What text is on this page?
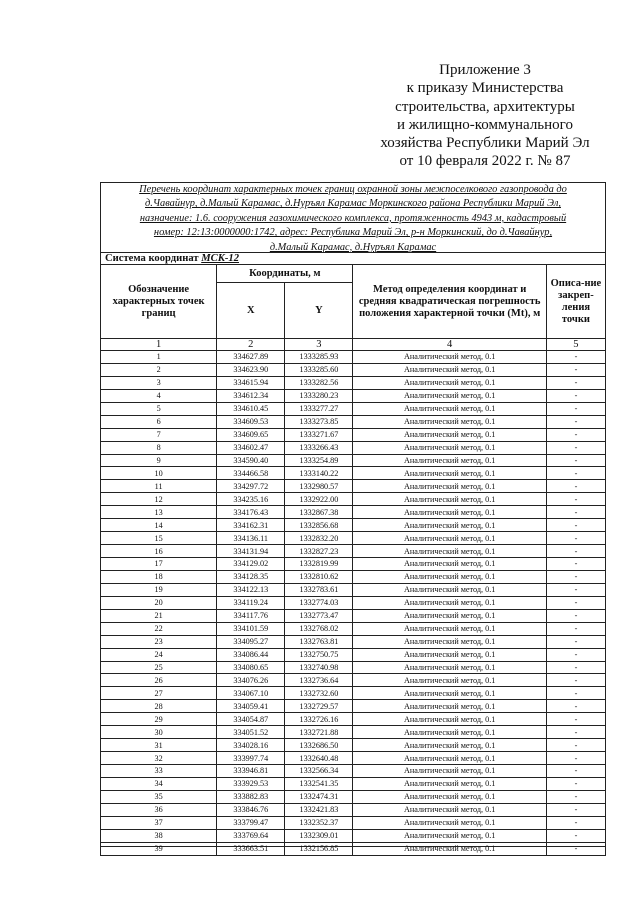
Приложение 3
к приказу Министерства
строительства, архитектуры
и жилищно-коммунального
хозяйства Республики Марий Эл
от 10 февраля 2022 г. № 87
Перечень координат характерных точек границ охранной зоны межпоселкового газопровода до
д.Чавайнур, д.Малый Карамас, д.Нуръял Карамас Моркинского района Республики Марий Эл,
назначение: 1.6. сооружения газохимического комплекса, протяженность 4943 м, кадастровый
номер: 12:13:0000000:1742, адрес: Республика Марий Эл, р-н Моркинский, до д.Чавайнур,
д.Малый Карамас, д.Нуръял Карамас
Система координат МСК-12
Обозначение характерных точек границ	Координаты, м		Метод определения координат и средняя квадратическая погрешность положения характерной точки (Mt), м	Описа-ние закреп-ления точки
	X	Y		
1	2	3	4	5
1	334627.89	1333285.93	Аналитический метод, 0.1	-
2	334623.90	1333285.60	Аналитический метод, 0.1	-
3	334615.94	1333282.56	Аналитический метод, 0.1	-
4	334612.34	1333280.23	Аналитический метод, 0.1	-
5	334610.45	1333277.27	Аналитический метод, 0.1	-
6	334609.53	1333273.85	Аналитический метод, 0.1	-
7	334609.65	1333271.67	Аналитический метод, 0.1	-
8	334602.47	1333266.43	Аналитический метод, 0.1	-
9	334590.40	1333254.89	Аналитический метод, 0.1	-
10	334466.58	1333140.22	Аналитический метод, 0.1	-
11	334297.72	1332980.57	Аналитический метод, 0.1	-
12	334235.16	1332922.00	Аналитический метод, 0.1	-
13	334176.43	1332867.38	Аналитический метод, 0.1	-
14	334162.31	1332856.68	Аналитический метод, 0.1	-
15	334136.11	1332832.20	Аналитический метод, 0.1	-
16	334131.94	1332827.23	Аналитический метод, 0.1	-
17	334129.02	1332819.99	Аналитический метод, 0.1	-
18	334128.35	1332810.62	Аналитический метод, 0.1	-
19	334122.13	1332783.61	Аналитический метод, 0.1	-
20	334119.24	1332774.03	Аналитический метод, 0.1	-
21	334117.76	1332773.47	Аналитический метод, 0.1	-
22	334101.59	1332768.02	Аналитический метод, 0.1	-
23	334095.27	1332763.81	Аналитический метод, 0.1	-
24	334086.44	1332750.75	Аналитический метод, 0.1	-
25	334080.65	1332740.98	Аналитический метод, 0.1	-
26	334076.26	1332736.64	Аналитический метод, 0.1	-
27	334067.10	1332732.60	Аналитический метод, 0.1	-
28	334059.41	1332729.57	Аналитический метод, 0.1	-
29	334054.87	1332726.16	Аналитический метод, 0.1	-
30	334051.52	1332721.88	Аналитический метод, 0.1	-
31	334028.16	1332686.50	Аналитический метод, 0.1	-
32	333997.74	1332640.48	Аналитический метод, 0.1	-
33	333946.81	1332566.34	Аналитический метод, 0.1	-
34	333929.53	1332541.35	Аналитический метод, 0.1	-
35	333882.83	1332474.31	Аналитический метод, 0.1	-
36	333846.76	1332421.83	Аналитический метод, 0.1	-
37	333799.47	1332352.37	Аналитический метод, 0.1	-
38	333769.64	1332309.01	Аналитический метод, 0.1	-
39	333663.51	1332156.85	Аналитический метод, 0.1	-
